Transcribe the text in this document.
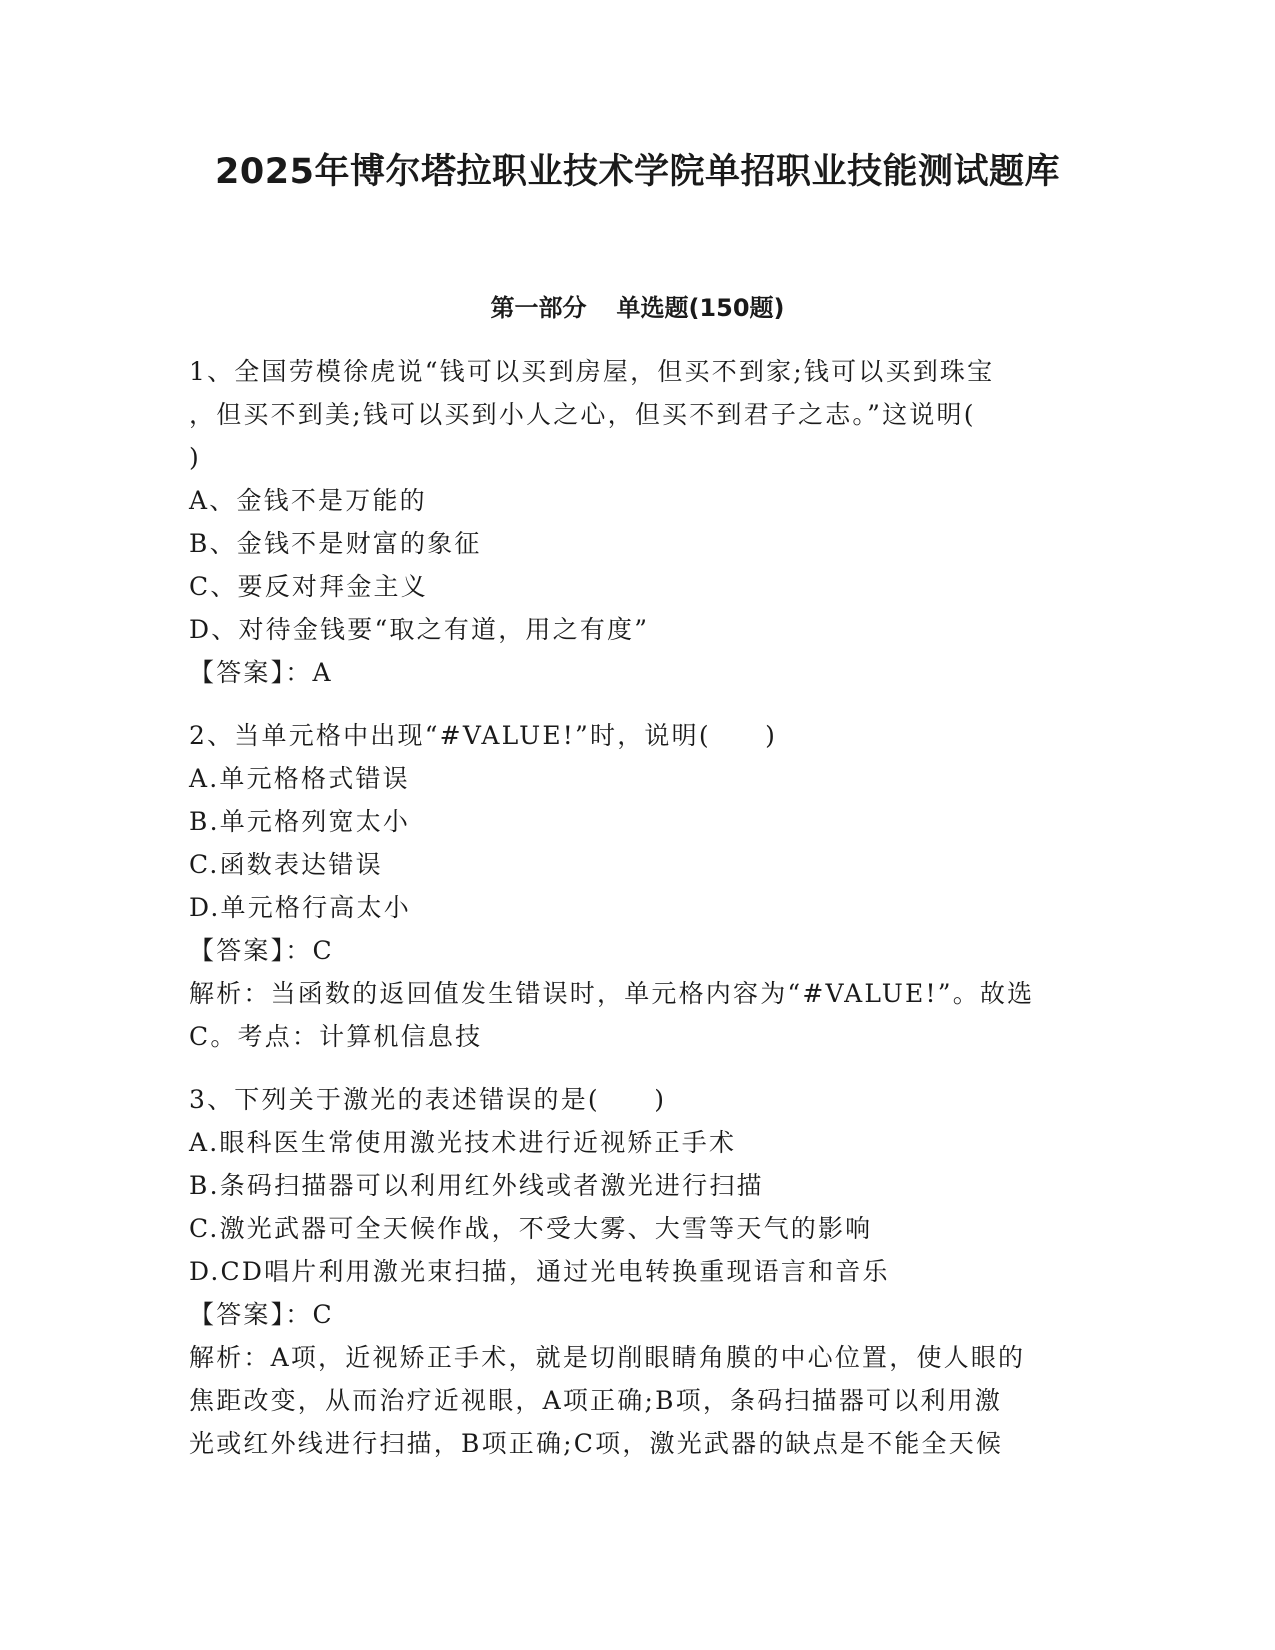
2025年博尔塔拉职业技术学院单招职业技能测试题库
第一部分 单选题(150题)

1、全国劳模徐虎说“钱可以买到房屋，但买不到家;钱可以买到珠宝

，但买不到美;钱可以买到小人之心，但买不到君子之志。”这说明(

)

A、金钱不是万能的

B、金钱不是财富的象征

C、要反对拜金主义

D、对待金钱要“取之有道，用之有度”

【答案】：A

2、当单元格中出现“#VALUE!”时，说明(　　)

A.单元格格式错误

B.单元格列宽太小

C.函数表达错误

D.单元格行高太小

【答案】：C

解析：当函数的返回值发生错误时，单元格内容为“#VALUE!”。故选

C。考点：计算机信息技

3、下列关于激光的表述错误的是(　　)

A.眼科医生常使用激光技术进行近视矫正手术

B.条码扫描器可以利用红外线或者激光进行扫描

C.激光武器可全天候作战，不受大雾、大雪等天气的影响

D.CD唱片利用激光束扫描，通过光电转换重现语言和音乐

【答案】：C

解析：A项，近视矫正手术，就是切削眼睛角膜的中心位置，使人眼的

焦距改变，从而治疗近视眼，A项正确;B项，条码扫描器可以利用激

光或红外线进行扫描，B项正确;C项，激光武器的缺点是不能全天候
